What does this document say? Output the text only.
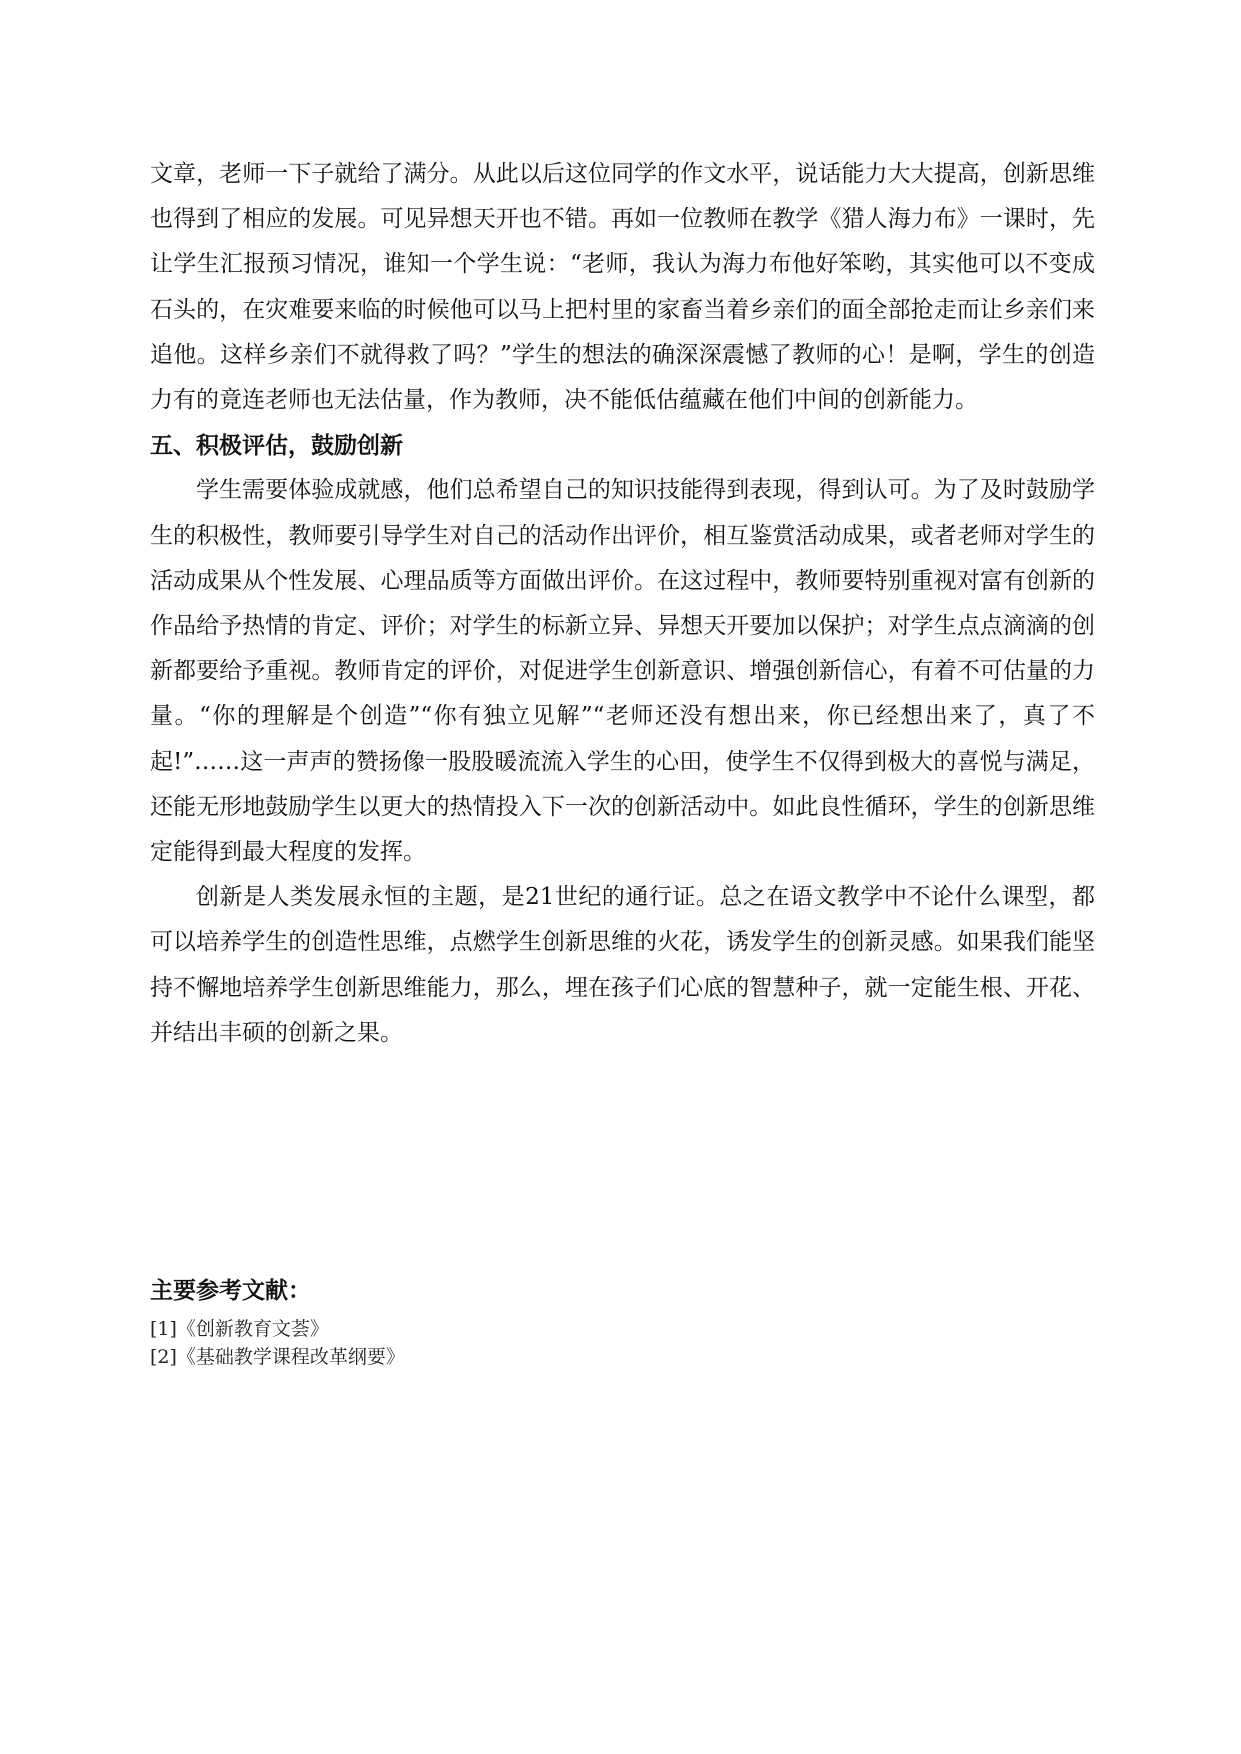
文章，老师一下子就给了满分。从此以后这位同学的作文水平，说话能力大大提高，创新思维也得到了相应的发展。可见异想天开也不错。再如一位教师在教学《猎人海力布》一课时，先让学生汇报预习情况，谁知一个学生说：“老师，我认为海力布他好笨哟，其实他可以不变成石头的，在灾难要来临的时候他可以马上把村里的家畜当着乡亲们的面全部抢走而让乡亲们来追他。这样乡亲们不就得救了吗？”学生的想法的确深深震憾了教师的心！是啊，学生的创造力有的竟连老师也无法估量，作为教师，决不能低估蕴藏在他们中间的创新能力。

五、积极评估，鼓励创新

学生需要体验成就感，他们总希望自己的知识技能得到表现，得到认可。为了及时鼓励学生的积极性，教师要引导学生对自己的活动作出评价，相互鉴赏活动成果，或者老师对学生的活动成果从个性发展、心理品质等方面做出评价。在这过程中，教师要特别重视对富有创新的作品给予热情的肯定、评价；对学生的标新立异、异想天开要加以保护；对学生点点滴滴的创新都要给予重视。教师肯定的评价，对促进学生创新意识、增强创新信心，有着不可估量的力量。“你的理解是个创造”“你有独立见解”“老师还没有想出来，你已经想出来了，真了不起!”……这一声声的赞扬像一股股暖流流入学生的心田，使学生不仅得到极大的喜悦与满足，还能无形地鼓励学生以更大的热情投入下一次的创新活动中。如此良性循环，学生的创新思维定能得到最大程度的发挥。

创新是人类发展永恒的主题，是21世纪的通行证。总之在语文教学中不论什么课型，都可以培养学生的创造性思维，点燃学生创新思维的火花，诱发学生的创新灵感。如果我们能坚持不懈地培养学生创新思维能力，那么，埋在孩子们心底的智慧种子，就一定能生根、开花、并结出丰硕的创新之果。

主要参考文献：

[1]《创新教育文荟》

[2]《基础教学课程改革纲要》
